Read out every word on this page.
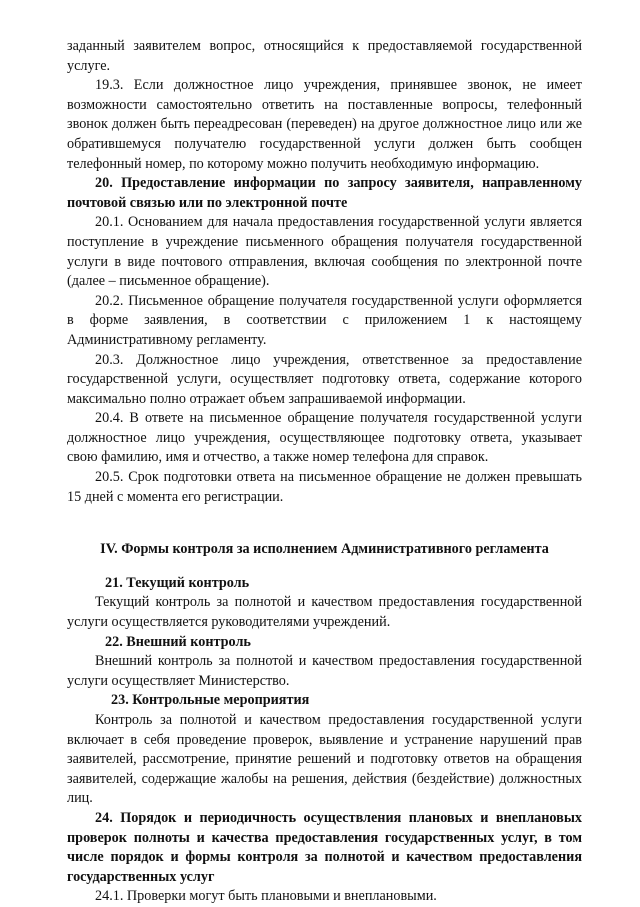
заданный заявителем вопрос, относящийся к предоставляемой государственной услуге.

19.3. Если должностное лицо учреждения, принявшее звонок, не имеет возможности самостоятельно ответить на поставленные вопросы, телефонный звонок должен быть переадресован (переведен) на другое должностное лицо или же обратившемуся получателю государственной услуги должен быть сообщен телефонный номер, по которому можно получить необходимую информацию.

20. Предоставление информации по запросу заявителя, направленному почтовой связью или по электронной почте

20.1. Основанием для начала предоставления государственной услуги является поступление в учреждение письменного обращения получателя государственной услуги в виде почтового отправления, включая сообщения по электронной почте (далее – письменное обращение).

20.2. Письменное обращение получателя государственной услуги оформляется в форме заявления, в соответствии с приложением 1 к настоящему Административному регламенту.

20.3. Должностное лицо учреждения, ответственное за предоставление государственной услуги, осуществляет подготовку ответа, содержание которого максимально полно отражает объем запрашиваемой информации.

20.4. В ответе на письменное обращение получателя государственной услуги должностное лицо учреждения, осуществляющее подготовку ответа, указывает свою фамилию, имя и отчество, а также номер телефона для справок.

20.5. Срок подготовки ответа на письменное обращение не должен превышать 15 дней с момента его регистрации.

IV. Формы контроля за исполнением Административного регламента

21. Текущий контроль

Текущий контроль за полнотой и качеством предоставления государственной услуги осуществляется руководителями учреждений.

22. Внешний контроль

Внешний контроль за полнотой и качеством предоставления государственной услуги осуществляет Министерство.

23. Контрольные мероприятия

Контроль за полнотой и качеством предоставления государственной услуги включает в себя проведение проверок, выявление и устранение нарушений прав заявителей, рассмотрение, принятие решений и подготовку ответов на обращения заявителей, содержащие жалобы на решения, действия (бездействие) должностных лиц.

24. Порядок и периодичность осуществления плановых и внеплановых проверок полноты и качества предоставления государственных услуг, в том числе порядок и формы контроля за полнотой и качеством предоставления государственных услуг

24.1. Проверки могут быть плановыми и внеплановыми.
